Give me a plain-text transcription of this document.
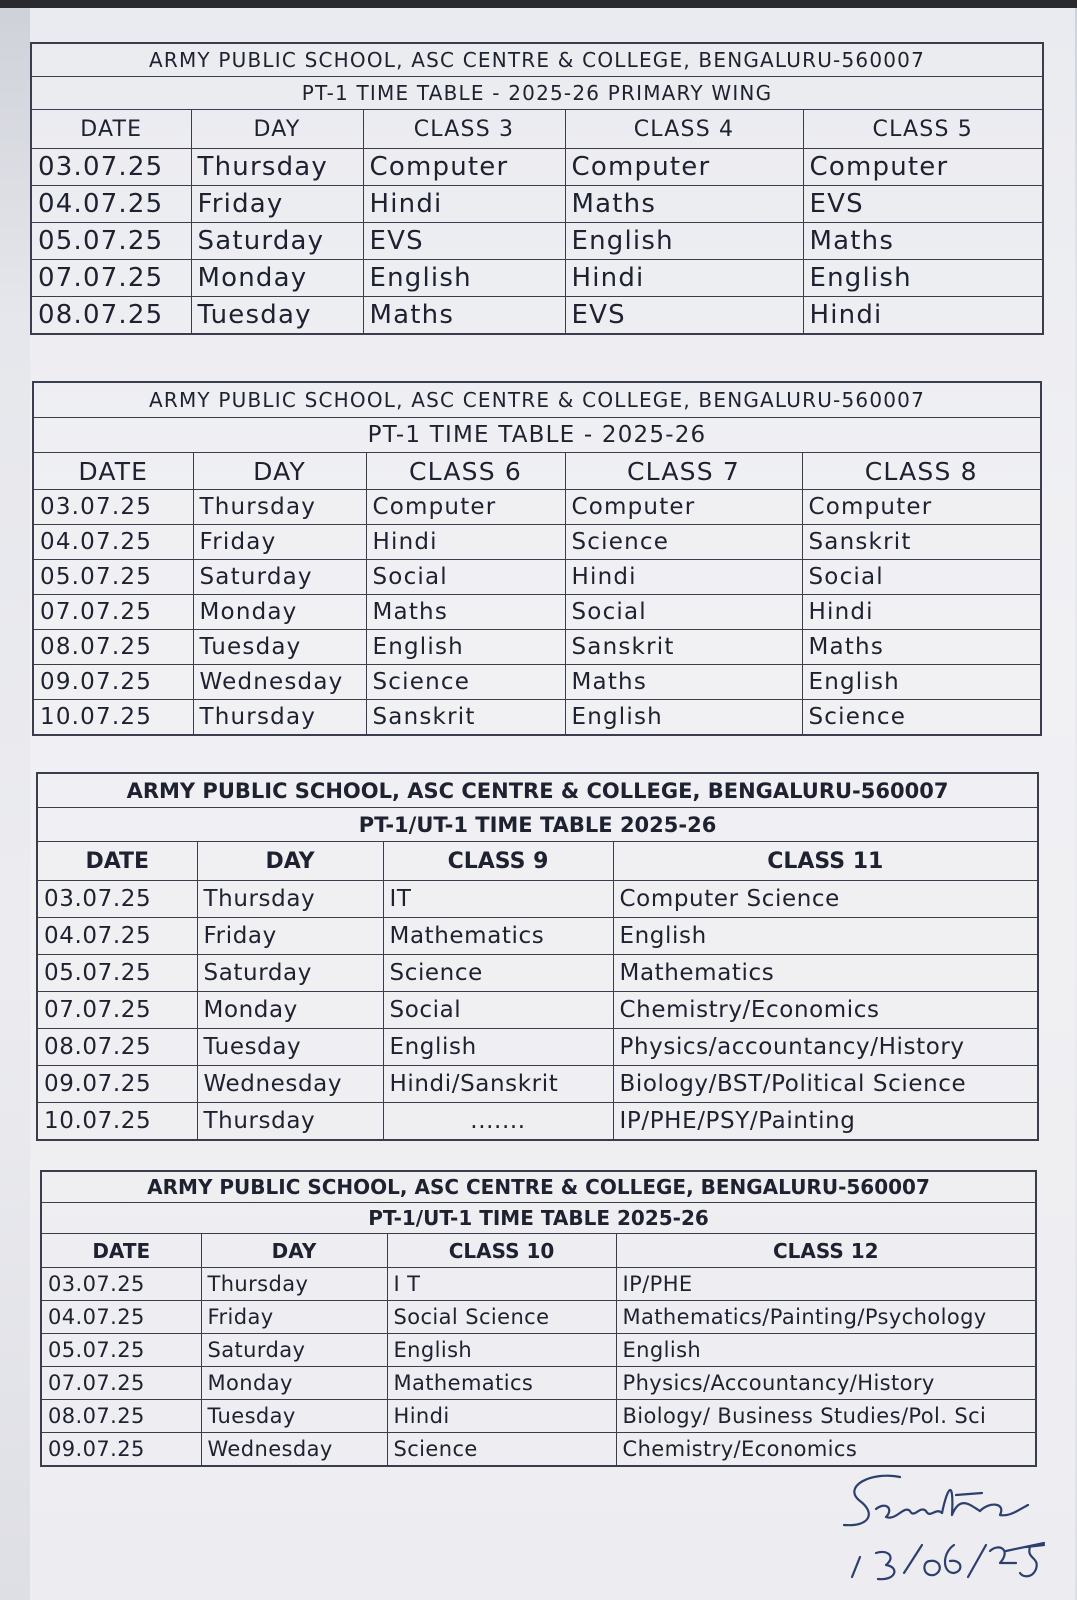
ARMY PUBLIC SCHOOL, ASC CENTRE & COLLEGE, BENGALURU-560007				
PT-1 TIME TABLE - 2025-26 PRIMARY WING				
DATE	DAY	CLASS 3	CLASS 4	CLASS 5
03.07.25	Thursday	Computer	Computer	Computer
04.07.25	Friday	Hindi	Maths	EVS
05.07.25	Saturday	EVS	English	Maths
07.07.25	Monday	English	Hindi	English
08.07.25	Tuesday	Maths	EVS	Hindi
ARMY PUBLIC SCHOOL, ASC CENTRE & COLLEGE, BENGALURU-560007				
PT-1 TIME TABLE - 2025-26				
DATE	DAY	CLASS 6	CLASS 7	CLASS 8
03.07.25	Thursday	Computer	Computer	Computer
04.07.25	Friday	Hindi	Science	Sanskrit
05.07.25	Saturday	Social	Hindi	Social
07.07.25	Monday	Maths	Social	Hindi
08.07.25	Tuesday	English	Sanskrit	Maths
09.07.25	Wednesday	Science	Maths	English
10.07.25	Thursday	Sanskrit	English	Science
ARMY PUBLIC SCHOOL, ASC CENTRE & COLLEGE, BENGALURU-560007			
PT-1/UT-1 TIME TABLE 2025-26			
DATE	DAY	CLASS 9	CLASS 11
03.07.25	Thursday	IT	Computer Science
04.07.25	Friday	Mathematics	English
05.07.25	Saturday	Science	Mathematics
07.07.25	Monday	Social	Chemistry/Economics
08.07.25	Tuesday	English	Physics/accountancy/History
09.07.25	Wednesday	Hindi/Sanskrit	Biology/BST/Political Science
10.07.25	Thursday	.......	IP/PHE/PSY/Painting
ARMY PUBLIC SCHOOL, ASC CENTRE & COLLEGE, BENGALURU-560007			
PT-1/UT-1 TIME TABLE 2025-26			
DATE	DAY	CLASS 10	CLASS 12
03.07.25	Thursday	I T	IP/PHE
04.07.25	Friday	Social Science	Mathematics/Painting/Psychology
05.07.25	Saturday	English	English
07.07.25	Monday	Mathematics	Physics/Accountancy/History
08.07.25	Tuesday	Hindi	Biology/ Business Studies/Pol. Sci
09.07.25	Wednesday	Science	Chemistry/Economics
